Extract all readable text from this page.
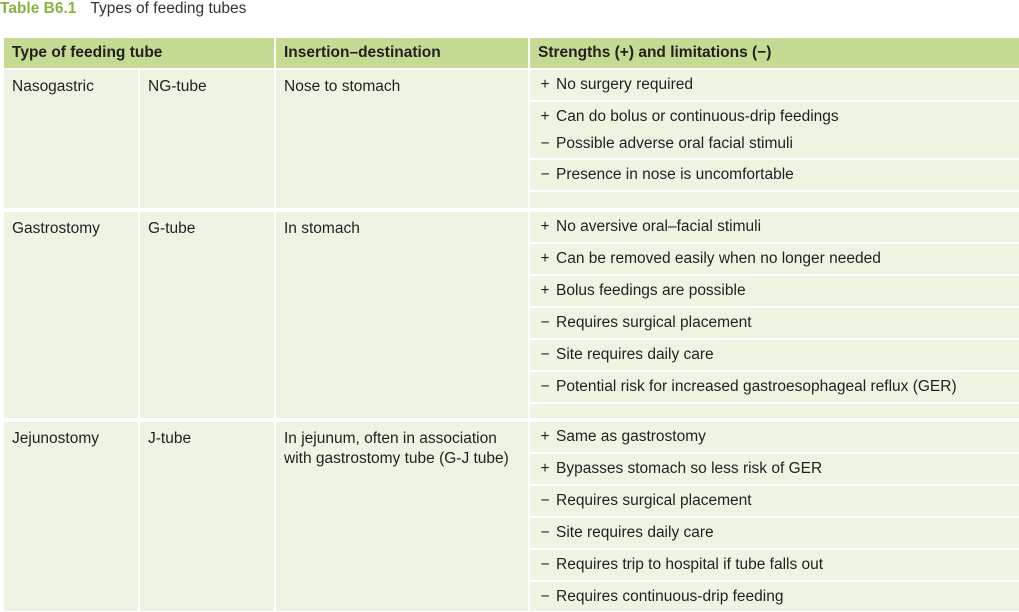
Table B6.1 Types of feeding tubes
Type of feeding tube	Insertion–destination	Strengths (+) and limitations (−)
Nasogastric	NG-tube	Nose to stomach	+ No surgery required
+ Can do bolus or continuous-drip feedings
− Possible adverse oral facial stimuli
− Presence in nose is uncomfortable
Gastrostomy	G-tube	In stomach	+ No aversive oral–facial stimuli
+ Can be removed easily when no longer needed
+ Bolus feedings are possible
− Requires surgical placement
− Site requires daily care
− Potential risk for increased gastroesophageal reflux (GER)
Jejunostomy	J-tube	In jejunum, often in association with gastrostomy tube (G-J tube)
+ Same as gastrostomy
+ Bypasses stomach so less risk of GER
− Requires surgical placement
− Site requires daily care
− Requires trip to hospital if tube falls out
− Requires continuous-drip feeding
